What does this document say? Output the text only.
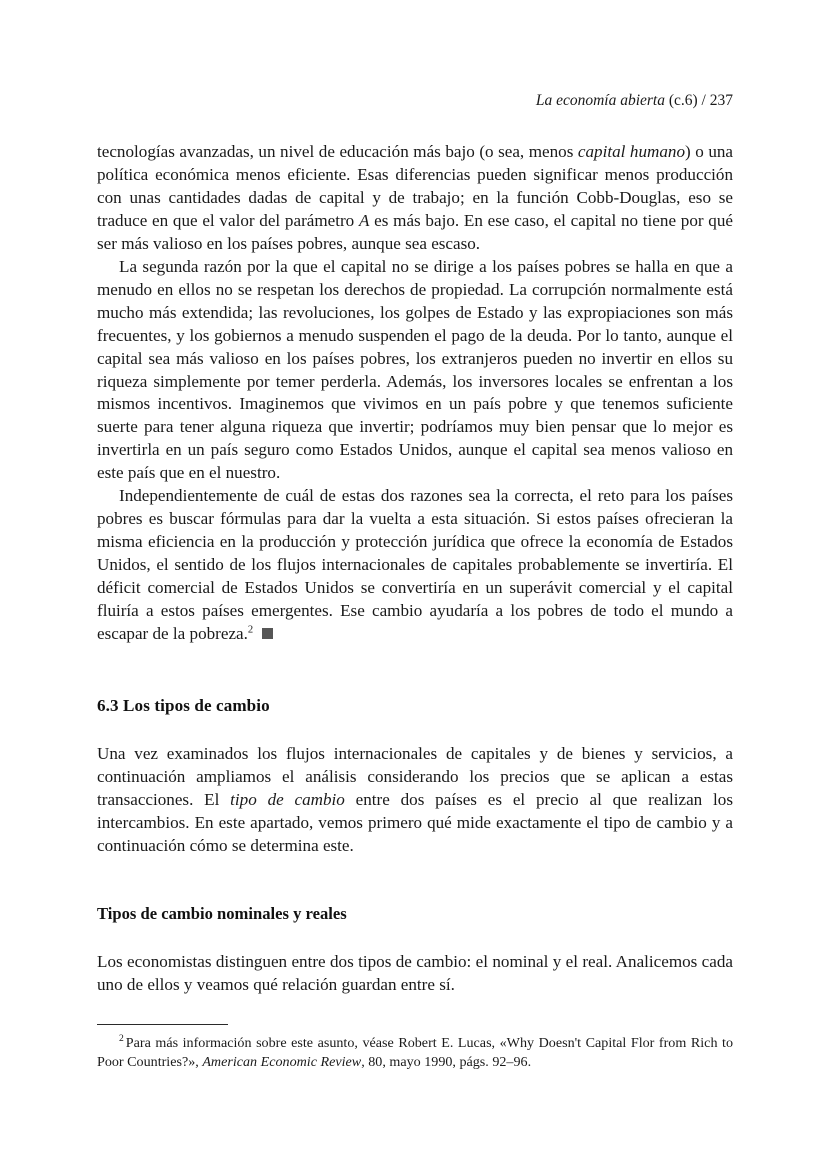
La economía abierta (c.6) / 237

tecnologías avanzadas, un nivel de educación más bajo (o sea, menos capital humano) o una política económica menos eficiente. Esas diferencias pueden significar menos producción con unas cantidades dadas de capital y de trabajo; en la función Cobb-Douglas, eso se traduce en que el valor del parámetro A es más bajo. En ese caso, el capital no tiene por qué ser más valioso en los países pobres, aunque sea escaso.

La segunda razón por la que el capital no se dirige a los países pobres se halla en que a menudo en ellos no se respetan los derechos de propiedad. La corrupción normalmente está mucho más extendida; las revoluciones, los golpes de Estado y las expropiaciones son más frecuentes, y los gobiernos a menudo suspenden el pago de la deuda. Por lo tanto, aunque el capital sea más valioso en los países pobres, los extranjeros pueden no invertir en ellos su riqueza simplemente por temer perderla. Además, los inversores locales se enfrentan a los mismos incentivos. Imaginemos que vivimos en un país pobre y que tenemos suficiente suerte para tener alguna riqueza que invertir; podríamos muy bien pensar que lo mejor es invertirla en un país seguro como Estados Unidos, aunque el capital sea menos valioso en este país que en el nuestro.

Independientemente de cuál de estas dos razones sea la correcta, el reto para los países pobres es buscar fórmulas para dar la vuelta a esta situación. Si estos países ofrecieran la misma eficiencia en la producción y protección jurídica que ofrece la economía de Estados Unidos, el sentido de los flujos internacionales de capitales probablemente se invertiría. El déficit comercial de Estados Unidos se convertiría en un superávit comercial y el capital fluiría a estos países emergentes. Ese cambio ayudaría a los pobres de todo el mundo a escapar de la pobreza.$^2$

6.3 Los tipos de cambio

Una vez examinados los flujos internacionales de capitales y de bienes y servicios, a continuación ampliamos el análisis considerando los precios que se aplican a estas transacciones. El tipo de cambio entre dos países es el precio al que realizan los intercambios. En este apartado, vemos primero qué mide exactamente el tipo de cambio y a continuación cómo se determina este.

Tipos de cambio nominales y reales

Los economistas distinguen entre dos tipos de cambio: el nominal y el real. Analicemos cada uno de ellos y veamos qué relación guardan entre sí.

$^2$ Para más información sobre este asunto, véase Robert E. Lucas, «Why Doesn't Capital Flor from Rich to Poor Countries?», American Economic Review, 80, mayo 1990, págs. 92–96.
